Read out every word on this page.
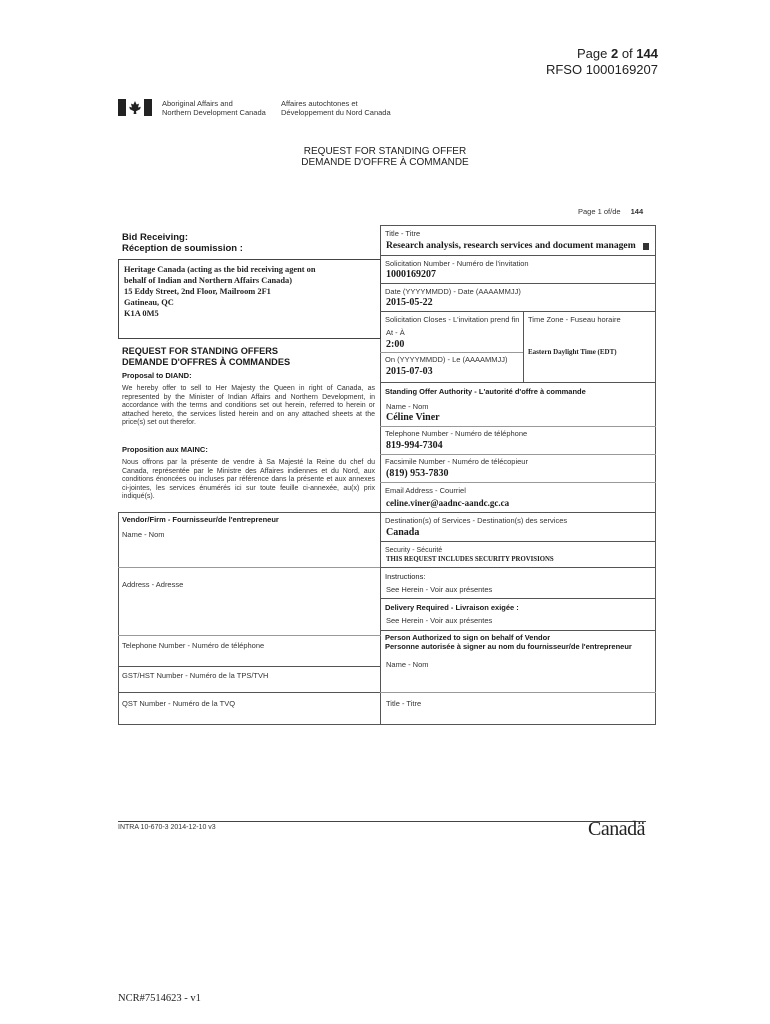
Page 2 of 144
RFSO 1000169207
Aboriginal Affairs and
Northern Development Canada
Affaires autochtones et
Développement du Nord Canada
REQUEST FOR STANDING OFFER
DEMANDE D'OFFRE À COMMANDE
Page 1 of/de 144
Bid Receiving:
Réception de soumission :
Heritage Canada (acting as the bid receiving agent on
behalf of Indian and Northern Affairs Canada)
15 Eddy Street, 2nd Floor, Mailroom 2F1
Gatineau, QC
K1A 0M5
REQUEST FOR STANDING OFFERS
DEMANDE D'OFFRES À COMMANDES
Proposal to DIAND:
We hereby offer to sell to Her Majesty the Queen in right of Canada, as represented by the Minister of Indian Affairs and Northern Development, in accordance with the terms and conditions set out herein, referred to herein or attached hereto, the services listed herein and on any attached sheets at the price(s) set out therefor.
Proposition aux MAINC:
Nous offrons par la présente de vendre à Sa Majesté la Reine du chef du Canada, représentée par le Ministre des Affaires indiennes et du Nord, aux conditions énoncées ou incluses par référence dans la présente et aux annexes ci-jointes, les services énumérés ici sur toute feuille ci-annexée, au(x) prix indiqué(s).
Vendor/Firm - Fournisseur/de l'entrepreneur
Name - Nom
Address - Adresse
Telephone Number - Numéro de téléphone
GST/HST Number - Numéro de la TPS/TVH
QST Number - Numéro de la TVQ
Title - Titre
Research analysis, research services and document managem
Solicitation Number - Numéro de l'invitation
1000169207
Date (YYYYMMDD) - Date (AAAAMMJJ)
2015-05-22
Solicitation Closes - L'invitation prend fin
At - À
2:00
On (YYYYMMDD) - Le (AAAAMMJJ)
2015-07-03
Time Zone - Fuseau horaire
Eastern Daylight Time (EDT)
Standing Offer Authority - L'autorité d'offre à commande
Name - Nom
Céline Viner
Telephone Number - Numéro de téléphone
819-994-7304
Facsimile Number - Numéro de télécopieur
(819) 953-7830
Email Address - Courriel
celine.viner@aadnc-aandc.gc.ca
Destination(s) of Services - Destination(s) des services
Canada
Security - Sécurité
THIS REQUEST INCLUDES SECURITY PROVISIONS
Instructions:
See Herein - Voir aux présentes
Delivery Required - Livraison exigée :
See Herein - Voir aux présentes
Person Authorized to sign on behalf of Vendor
Personne autorisée à signer au nom du fournisseur/de l'entrepreneur
Name - Nom
Title - Titre
INTRA 10-670-3 2014-12-10 v3	Canadä
NCR#7514623 - v1
